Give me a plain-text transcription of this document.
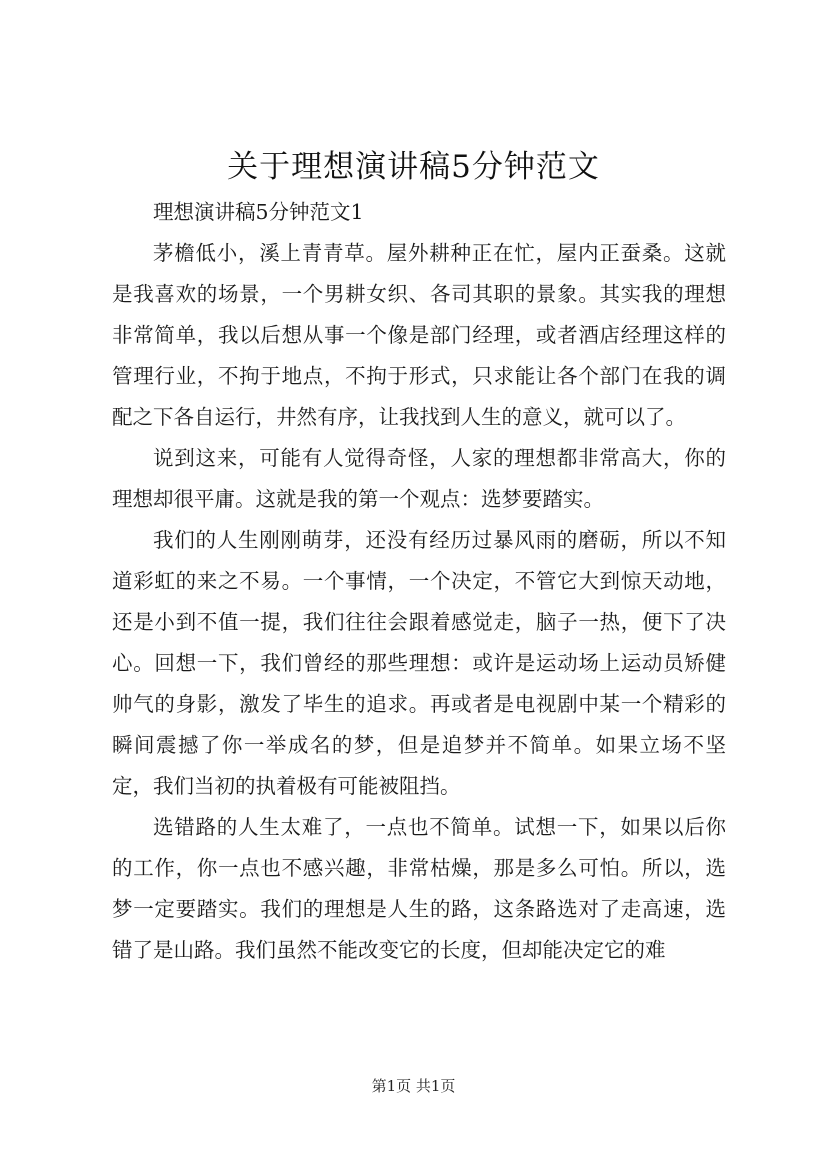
关于理想演讲稿5分钟范文

理想演讲稿5分钟范文1

茅檐低小，溪上青青草。屋外耕种正在忙，屋内正蚕桑。这就是我喜欢的场景，一个男耕女织、各司其职的景象。其实我的理想非常简单，我以后想从事一个像是部门经理，或者酒店经理这样的管理行业，不拘于地点，不拘于形式，只求能让各个部门在我的调配之下各自运行，井然有序，让我找到人生的意义，就可以了。

说到这来，可能有人觉得奇怪，人家的理想都非常高大，你的理想却很平庸。这就是我的第一个观点：选梦要踏实。

我们的人生刚刚萌芽，还没有经历过暴风雨的磨砺，所以不知道彩虹的来之不易。一个事情，一个决定，不管它大到惊天动地，还是小到不值一提，我们往往会跟着感觉走，脑子一热，便下了决心。回想一下，我们曾经的那些理想：或许是运动场上运动员矫健帅气的身影，激发了毕生的追求。再或者是电视剧中某一个精彩的瞬间震撼了你一举成名的梦，但是追梦并不简单。如果立场不坚定，我们当初的执着极有可能被阻挡。

选错路的人生太难了，一点也不简单。试想一下，如果以后你的工作，你一点也不感兴趣，非常枯燥，那是多么可怕。所以，选梦一定要踏实。我们的理想是人生的路，这条路选对了走高速，选错了是山路。我们虽然不能改变它的长度，但却能决定它的难

第1页 共1页
